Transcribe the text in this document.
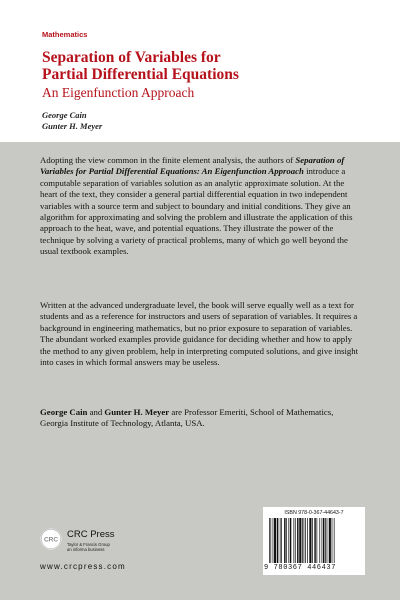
Mathematics
Separation of Variables for
Partial Differential Equations
An Eigenfunction Approach
George Cain
Gunter H. Meyer
Adopting the view common in the finite element analysis, the authors of Separation of Variables for Partial Differential Equations: An Eigenfunction Approach introduce a computable separation of variables solution as an analytic approximate solution. At the heart of the text, they consider a general partial differential equation in two independent variables with a source term and subject to boundary and initial conditions. They give an algorithm for approximating and solving the problem and illustrate the application of this approach to the heat, wave, and potential equations. They illustrate the power of the technique by solving a variety of practical problems, many of which go well beyond the usual textbook examples.
Written at the advanced undergraduate level, the book will serve equally well as a text for students and as a reference for instructors and users of separation of variables. It requires a background in engineering mathematics, but no prior exposure to separation of variables. The abundant worked examples provide guidance for deciding whether and how to apply the method to any given problem, help in interpreting computed solutions, and give insight into cases in which formal answers may be useless.
George Cain and Gunter H. Meyer are Professor Emeriti, School of Mathematics, Georgia Institute of Technology, Atlanta, USA.
CRC CRC Press
Taylor & Francis Group
an informa business
www.crcpress.com
ISBN 978-0-367-44643-7
9 780367 446437
